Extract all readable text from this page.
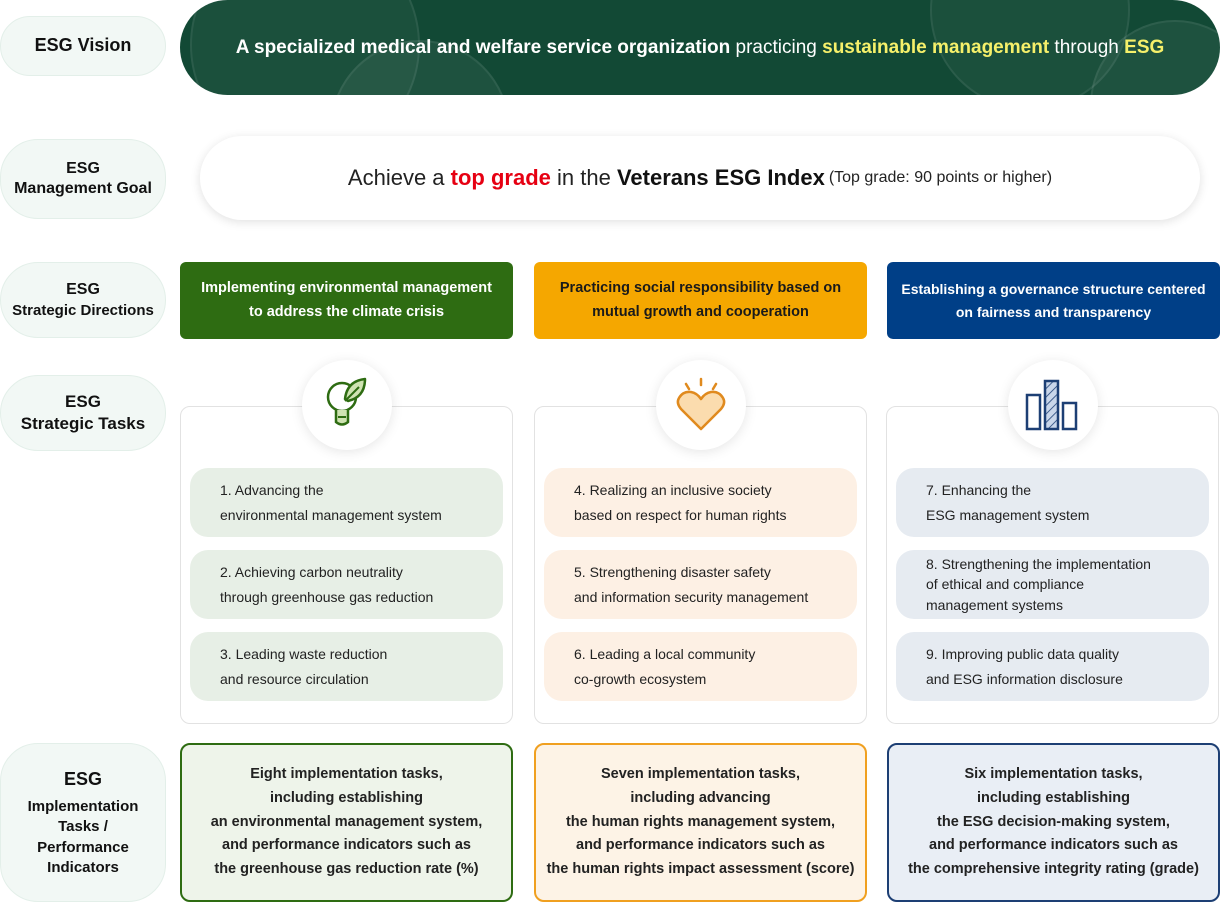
ESG Vision
ESG
Management Goal
ESG
Strategic Directions
ESG
Strategic Tasks
ESG
Implementation
Tasks /
Performance
Indicators
A specialized medical and welfare service organization practicing sustainable management through ESG
Achieve a top grade in the Veterans ESG Index (Top grade: 90 points or higher)
Implementing environmental management
to address the climate crisis
Practicing social responsibility based on
mutual growth and cooperation
Establishing a governance structure centered
on fairness and transparency
1. Advancing the
environmental management system
2. Achieving carbon neutrality
through greenhouse gas reduction
3. Leading waste reduction
and resource circulation
4. Realizing an inclusive society
based on respect for human rights
5. Strengthening disaster safety
and information security management
6. Leading a local community
co-growth ecosystem
7. Enhancing the
ESG management system
8. Strengthening the implementation
of ethical and compliance
management systems
9. Improving public data quality
and ESG information disclosure
Eight implementation tasks,
including establishing
an environmental management system,
and performance indicators such as
the greenhouse gas reduction rate (%)
Seven implementation tasks,
including advancing
the human rights management system,
and performance indicators such as
the human rights impact assessment (score)
Six implementation tasks,
including establishing
the ESG decision-making system,
and performance indicators such as
the comprehensive integrity rating (grade)
